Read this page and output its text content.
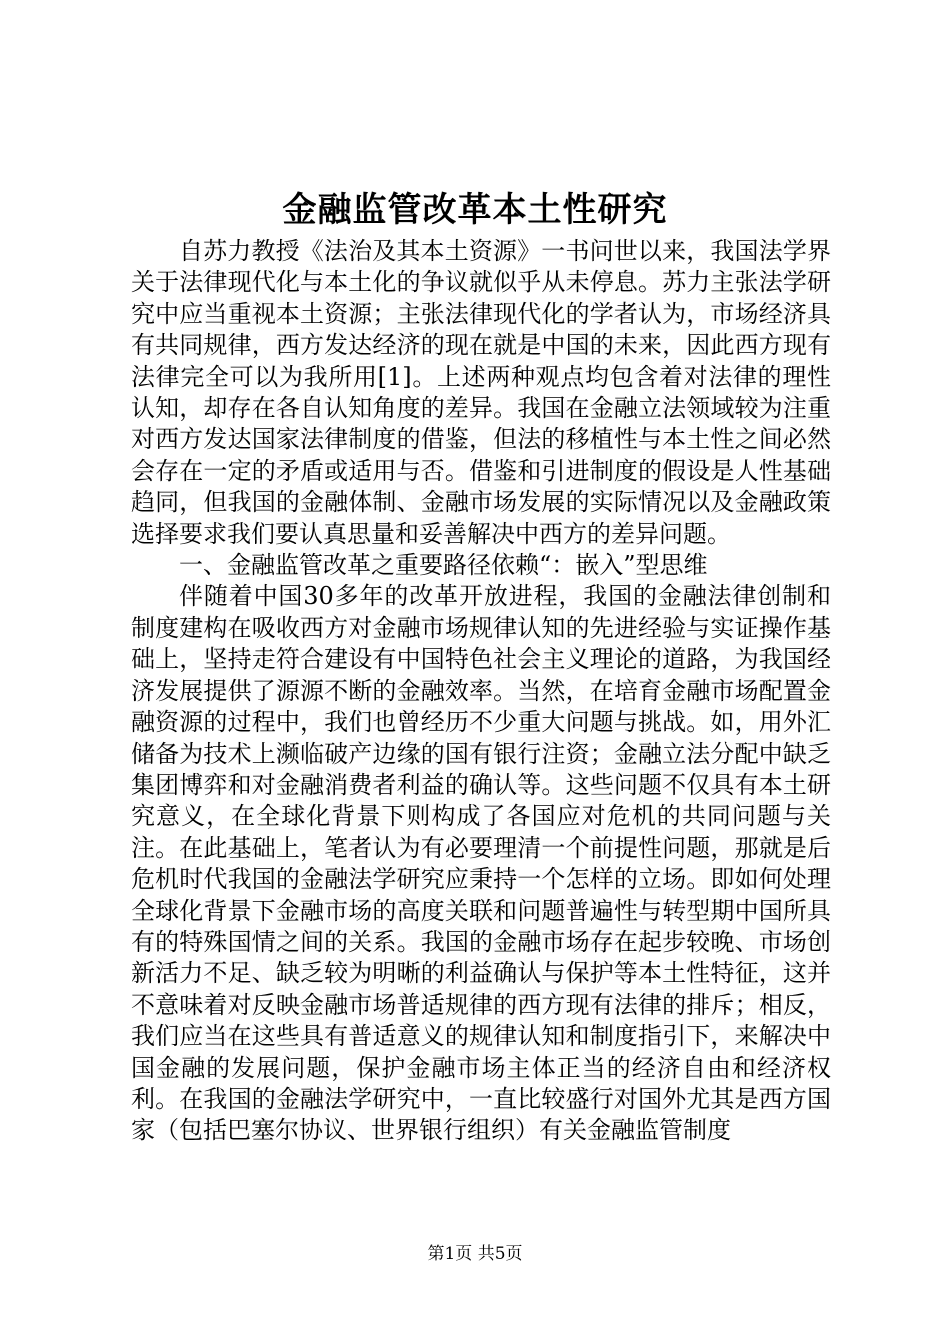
金融监管改革本土性研究

自苏力教授《法治及其本土资源》一书问世以来，我国法学界关于法律现代化与本土化的争议就似乎从未停息。苏力主张法学研究中应当重视本土资源；主张法律现代化的学者认为，市场经济具有共同规律，西方发达经济的现在就是中国的未来，因此西方现有法律完全可以为我所用[1]。上述两种观点均包含着对法律的理性认知，却存在各自认知角度的差异。我国在金融立法领域较为注重对西方发达国家法律制度的借鉴，但法的移植性与本土性之间必然会存在一定的矛盾或适用与否。借鉴和引进制度的假设是人性基础趋同，但我国的金融体制、金融市场发展的实际情况以及金融政策选择要求我们要认真思量和妥善解决中西方的差异问题。

一、金融监管改革之重要路径依赖“：嵌入”型思维

伴随着中国30多年的改革开放进程，我国的金融法律创制和制度建构在吸收西方对金融市场规律认知的先进经验与实证操作基础上，坚持走符合建设有中国特色社会主义理论的道路，为我国经济发展提供了源源不断的金融效率。当然，在培育金融市场配置金融资源的过程中，我们也曾经历不少重大问题与挑战。如，用外汇储备为技术上濒临破产边缘的国有银行注资；金融立法分配中缺乏集团博弈和对金融消费者利益的确认等。这些问题不仅具有本土研究意义，在全球化背景下则构成了各国应对危机的共同问题与关注。在此基础上，笔者认为有必要理清一个前提性问题，那就是后危机时代我国的金融法学研究应秉持一个怎样的立场。即如何处理全球化背景下金融市场的高度关联和问题普遍性与转型期中国所具有的特殊国情之间的关系。我国的金融市场存在起步较晚、市场创新活力不足、缺乏较为明晰的利益确认与保护等本土性特征，这并不意味着对反映金融市场普适规律的西方现有法律的排斥；相反，我们应当在这些具有普适意义的规律认知和制度指引下，来解决中国金融的发展问题，保护金融市场主体正当的经济自由和经济权利。在我国的金融法学研究中，一直比较盛行对国外尤其是西方国家（包括巴塞尔协议、世界银行组织）有关金融监管制度

第1页 共5页
